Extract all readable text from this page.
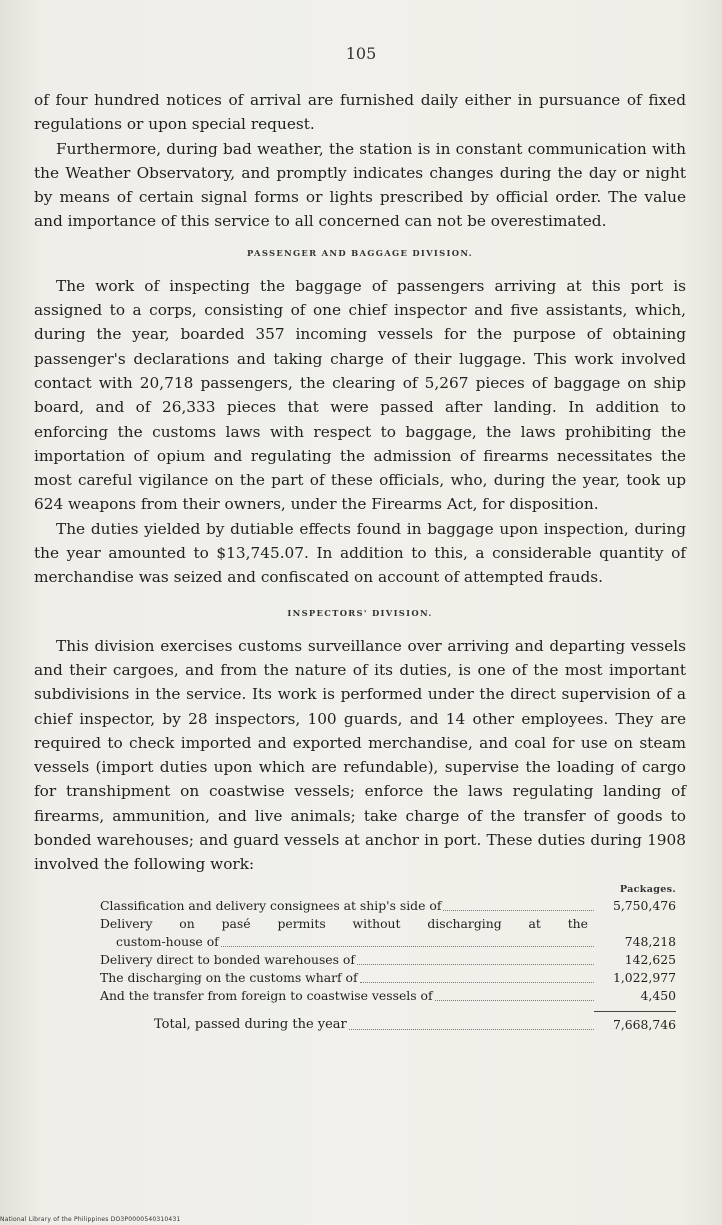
105

of four hundred notices of arrival are furnished daily either in pursuance of fixed regulations or upon special request.

Furthermore, during bad weather, the station is in constant communication with the Weather Observatory, and promptly indicates changes during the day or night by means of certain signal forms or lights prescribed by official order. The value and importance of this service to all concerned can not be overestimated.

PASSENGER AND BAGGAGE DIVISION.

The work of inspecting the baggage of passengers arriving at this port is assigned to a corps, consisting of one chief inspector and five assistants, which, during the year, boarded 357 incoming vessels for the purpose of obtaining passenger's declarations and taking charge of their luggage. This work involved contact with 20,718 passengers, the clearing of 5,267 pieces of baggage on ship board, and of 26,333 pieces that were passed after landing. In addition to enforcing the customs laws with respect to baggage, the laws prohibiting the importation of opium and regulating the admission of firearms necessitates the most careful vigilance on the part of these officials, who, during the year, took up 624 weapons from their owners, under the Firearms Act, for disposition.

The duties yielded by dutiable effects found in baggage upon inspection, during the year amounted to $13,745.07. In addition to this, a considerable quantity of merchandise was seized and confiscated on account of attempted frauds.

INSPECTORS' DIVISION.

This division exercises customs surveillance over arriving and departing vessels and their cargoes, and from the nature of its duties, is one of the most important subdivisions in the service. Its work is performed under the direct supervision of a chief inspector, by 28 inspectors, 100 guards, and 14 other employees. They are required to check imported and exported merchandise, and coal for use on steam vessels (import duties upon which are refundable), supervise the loading of cargo for transhipment on coastwise vessels; enforce the laws regulating landing of firearms, ammunition, and live animals; take charge of the transfer of goods to bonded warehouses; and guard vessels at anchor in port. These duties during 1908 involved the following work:

Packages.
Classification and delivery consignees at ship's side of	5,750,476
Delivery on pasé permits without discharging at the
custom-house of	748,218
Delivery direct to bonded warehouses of	142,625
The discharging on the customs wharf of	1,022,977
And the transfer from foreign to coastwise vessels of	4,450
Total, passed during the year	7,668,746
National Library of the Philippines DO3P0000540310431
